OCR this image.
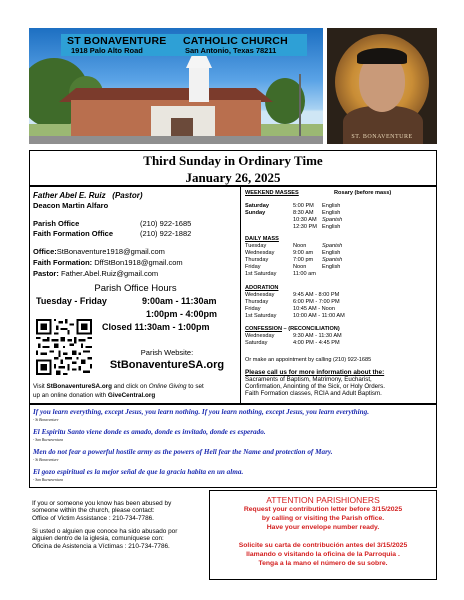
ST BONAVENTURE CATHOLIC CHURCH
1918 Palo Alto Road	San Antonio, Texas 78211
ST. BONAVENTURE
Third Sunday in Ordinary Time
January 26, 2025
Father Abel E. Ruiz (Pastor)
Deacon Martin Alfaro
Parish Office	(210) 922-1685
Faith Formation Office	(210) 922-1882
Office:StBonaventure1918@gmail.com
Faith Formation: DffStBon1918@gmail.com
Pastor: Father.Abel.Ruiz@gmail.com
Parish Office Hours
Tuesday - Friday	9:00am - 11:30am
1:00pm - 4:00pm
Closed 11:30am - 1:00pm
Parish Website:
StBonaventureSA.org
Visit StBonaventureSA.org and click on Online Giving to set
up an online donation with GiveCentral.org
WEEKEND MASSES	Rosary (before mass)
Saturday	5:00 PM English
Sunday	8:30 AM English
10:30 AM Spanish
12:30 PM English
DAILY MASS
Tuesday	Noon	Spanish
Wednesday	9:00 am English
Thursday	7:00 pm Spanish
Friday	Noon	English
1st Saturday	11:00 am
ADORATION
Wednesday	9:45 AM - 8:00 PM
Thursday	6:00 PM - 7:00 PM
Friday	10:45 AM - Noon
1st Saturday	10:00 AM - 11:00 AM
CONFESSION – (RECONCILIATION)
Wednesday	9:30 AM - 11:30 AM
Saturday	4:00 PM - 4:45 PM
Or make an appointment by calling (210) 922-1685
Please call us for more information about the:
Sacraments of Baptism, Matrimony, Eucharist,
Confirmation, Anointing of the Sick, or Holy Orders.
Faith Formation classes, RCIA and Adult Baptism.
If you learn everything, except Jesus, you learn nothing. If you learn nothing, except Jesus, you learn everything.
- St Bonaventure
El Espíritu Santo viene donde es amado, donde es invitado, donde es esperado.
- San Buenaventura
Men do not fear a powerful hostile army as the powers of Hell fear the Name and protection of Mary.
- St Bonaventure
El gozo espiritual es la mejor señal de que la gracia habita en un alma.
- San Buenaventura
If you or someone you know has been abused by
someone within the church, please contact:
Office of Victim Assistance : 210-734-7786.
Si usted o alguien que conoce ha sido abusado por
alguien dentro de la iglesia, comuníquese con:
Oficina de Asistencia a Víctimas : 210-734-7786.
ATTENTION PARISHIONERS
Request your contribution letter before 3/15/2025
by calling or visiting the Parish office.
Have your envelope number ready.
Solicite su carta de contribución antes del 3/15/2025
llamando o visitando la oficina de la Parroquia .
Tenga a la mano el número de su sobre.
